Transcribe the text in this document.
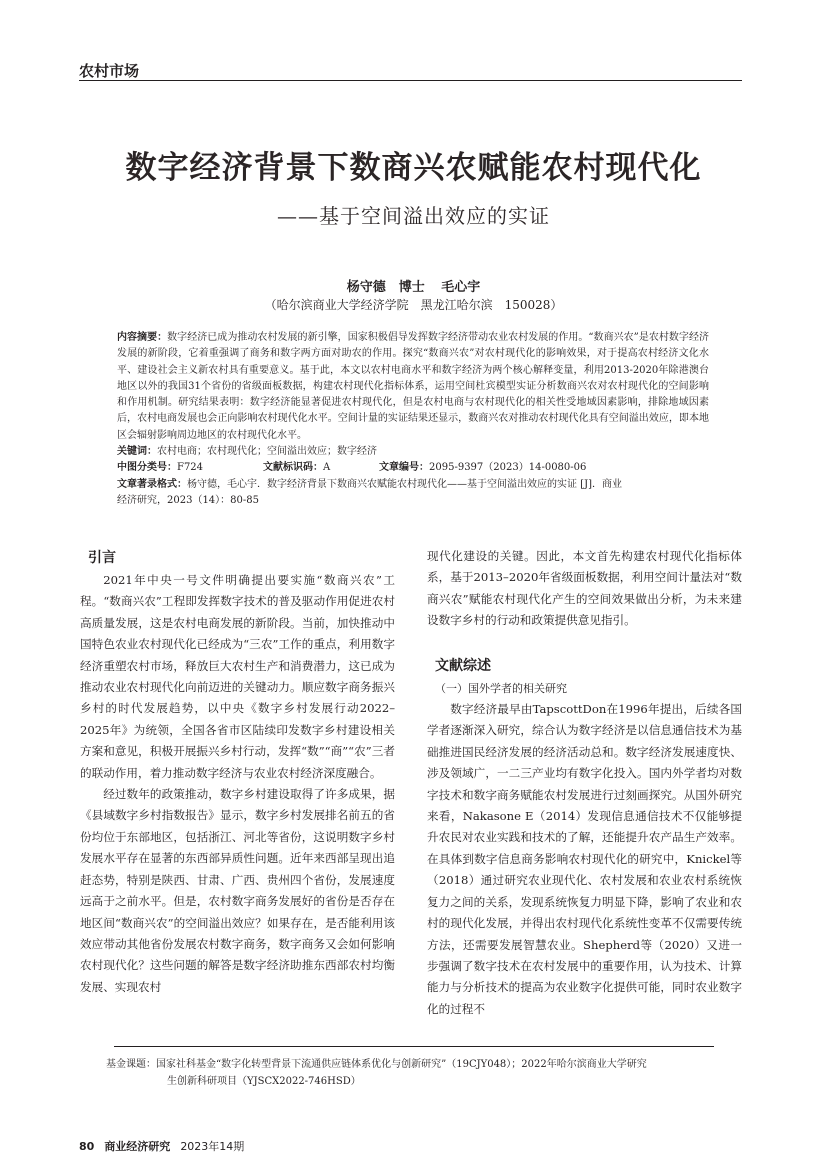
农村市场
数字经济背景下数商兴农赋能农村现代化
——基于空间溢出效应的实证
杨守德　博士 毛心宇
（哈尔滨商业大学经济学院　黑龙江哈尔滨　150028）
内容摘要：数字经济已成为推动农村发展的新引擎，国家积极倡导发挥数字经济带动农业农村发展的作用。“数商兴农”是农村数字经济发展的新阶段，它着重强调了商务和数字两方面对助农的作用。探究“数商兴农”对农村现代化的影响效果，对于提高农村经济文化水平、建设社会主义新农村具有重要意义。基于此，本文以农村电商水平和数字经济为两个核心解释变量，利用2013-2020年除港澳台地区以外的我国31个省份的省级面板数据，构建农村现代化指标体系，运用空间杜宾模型实证分析数商兴农对农村现代化的空间影响和作用机制。研究结果表明：数字经济能显著促进农村现代化，但是农村电商与农村现代化的相关性受地域因素影响，排除地域因素后，农村电商发展也会正向影响农村现代化水平。空间计量的实证结果还显示，数商兴农对推动农村现代化具有空间溢出效应，即本地区会辐射影响周边地区的农村现代化水平。
关键词：农村电商；农村现代化；空间溢出效应；数字经济
中图分类号：F724	文献标识码：A	文章编号：2095-9397（2023）14-0080-06
文章著录格式：杨守德，毛心宇．数字经济背景下数商兴农赋能农村现代化——基于空间溢出效应的实证 [J]．商业
经济研究，2023（14）：80-85
引言

2021年中央一号文件明确提出要实施“数商兴农”工程。“数商兴农”工程即发挥数字技术的普及驱动作用促进农村高质量发展，这是农村电商发展的新阶段。当前，加快推动中国特色农业农村现代化已经成为“三农”工作的重点，利用数字经济重塑农村市场，释放巨大农村生产和消费潜力，这已成为推动农业农村现代化向前迈进的关键动力。顺应数字商务振兴乡村的时代发展趋势，以中央《数字乡村发展行动2022–2025年》为统领，全国各省市区陆续印发数字乡村建设相关方案和意见，积极开展振兴乡村行动，发挥“数”“商”“农”三者的联动作用，着力推动数字经济与农业农村经济深度融合。

经过数年的政策推动，数字乡村建设取得了许多成果，据《县域数字乡村指数报告》显示，数字乡村发展排名前五的省份均位于东部地区，包括浙江、河北等省份，这说明数字乡村发展水平存在显著的东西部异质性问题。近年来西部呈现出追赶态势，特别是陕西、甘肃、广西、贵州四个省份，发展速度远高于之前水平。但是，农村数字商务发展好的省份是否存在地区间“数商兴农”的空间溢出效应？如果存在，是否能利用该效应带动其他省份发展农村数字商务，数字商务又会如何影响农村现代化？这些问题的解答是数字经济助推东西部农村均衡发展、实现农村

现代化建设的关键。因此，本文首先构建农村现代化指标体系，基于2013–2020年省级面板数据，利用空间计量法对“数商兴农”赋能农村现代化产生的空间效果做出分析，为未来建设数字乡村的行动和政策提供意见指引。

文献综述
（一）国外学者的相关研究

数字经济最早由TapscottDon在1996年提出，后续各国学者逐渐深入研究，综合认为数字经济是以信息通信技术为基础推进国民经济发展的经济活动总和。数字经济发展速度快、涉及领域广，一二三产业均有数字化投入。国内外学者均对数字技术和数字商务赋能农村发展进行过刻画探究。从国外研究来看，Nakasone E（2014）发现信息通信技术不仅能够提升农民对农业实践和技术的了解，还能提升农产品生产效率。在具体到数字信息商务影响农村现代化的研究中，Knickel等（2018）通过研究农业现代化、农村发展和农业农村系统恢复力之间的关系，发现系统恢复力明显下降，影响了农业和农村的现代化发展，并得出农村现代化系统性变革不仅需要传统方法，还需要发展智慧农业。Shepherd等（2020）又进一步强调了数字技术在农村发展中的重要作用，认为技术、计算能力与分析技术的提高为农业数字化提供可能，同时农业数字化的过程不

基金课题：国家社科基金“数字化转型背景下流通供应链体系优化与创新研究”（19CJY048）；2022年哈尔滨商业大学研究
生创新科研项目（YJSCX2022-746HSD）
80 商业经济研究 2023年14期
